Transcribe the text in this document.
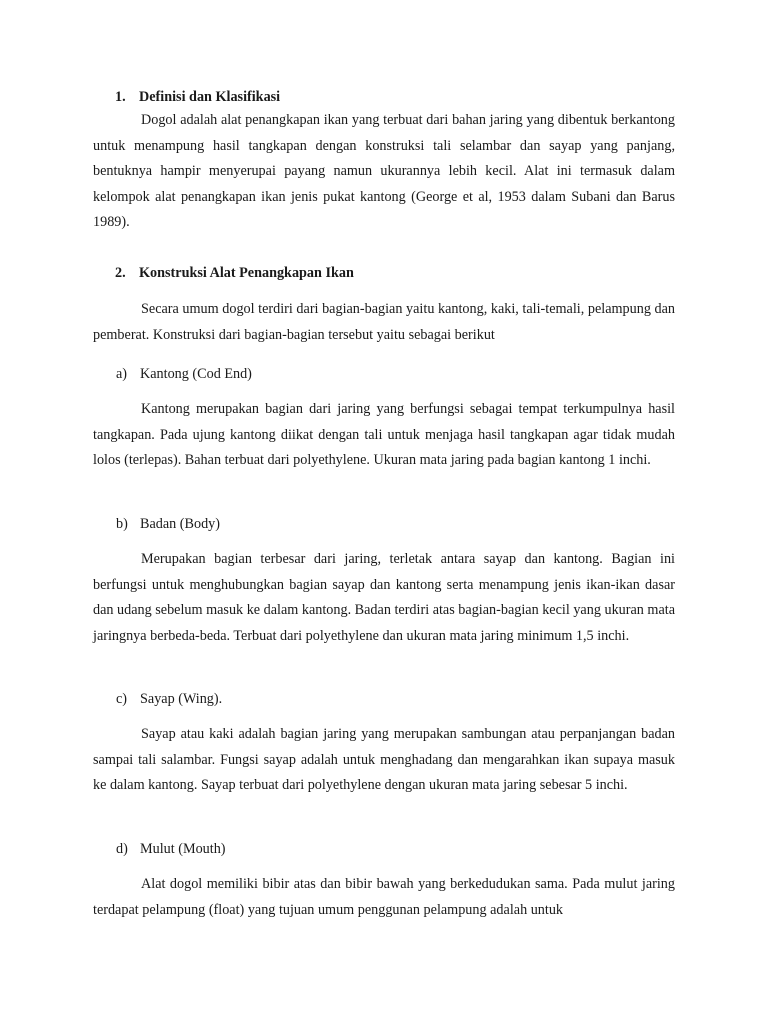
1. Definisi dan Klasifikasi

Dogol adalah alat penangkapan ikan yang terbuat dari bahan jaring yang dibentuk berkantong untuk menampung hasil tangkapan dengan konstruksi tali selambar dan sayap yang panjang, bentuknya hampir menyerupai payang namun ukurannya lebih kecil. Alat ini termasuk dalam kelompok alat penangkapan ikan jenis pukat kantong (George et al, 1953 dalam Subani dan Barus 1989).

2. Konstruksi Alat Penangkapan Ikan

Secara umum dogol terdiri dari bagian-bagian yaitu kantong, kaki, tali-temali, pelampung dan pemberat. Konstruksi dari bagian-bagian tersebut yaitu sebagai berikut

a) Kantong (Cod End)

Kantong merupakan bagian dari jaring yang berfungsi sebagai tempat terkumpulnya hasil tangkapan. Pada ujung kantong diikat dengan tali untuk menjaga hasil tangkapan agar tidak mudah lolos (terlepas). Bahan terbuat dari polyethylene. Ukuran mata jaring pada bagian kantong 1 inchi.

b) Badan (Body)

Merupakan bagian terbesar dari jaring, terletak antara sayap dan kantong. Bagian ini berfungsi untuk menghubungkan bagian sayap dan kantong serta menampung jenis ikan-ikan dasar dan udang sebelum masuk ke dalam kantong. Badan terdiri atas bagian-bagian kecil yang ukuran mata jaringnya berbeda-beda. Terbuat dari polyethylene dan ukuran mata jaring minimum 1,5 inchi.

c) Sayap (Wing).

Sayap atau kaki adalah bagian jaring yang merupakan sambungan atau perpanjangan badan sampai tali salambar. Fungsi sayap adalah untuk menghadang dan mengarahkan ikan supaya masuk ke dalam kantong. Sayap terbuat dari polyethylene dengan ukuran mata jaring sebesar 5 inchi.

d) Mulut (Mouth)

Alat dogol memiliki bibir atas dan bibir bawah yang berkedudukan sama. Pada mulut jaring terdapat pelampung (float) yang tujuan umum penggunan pelampung adalah untuk
